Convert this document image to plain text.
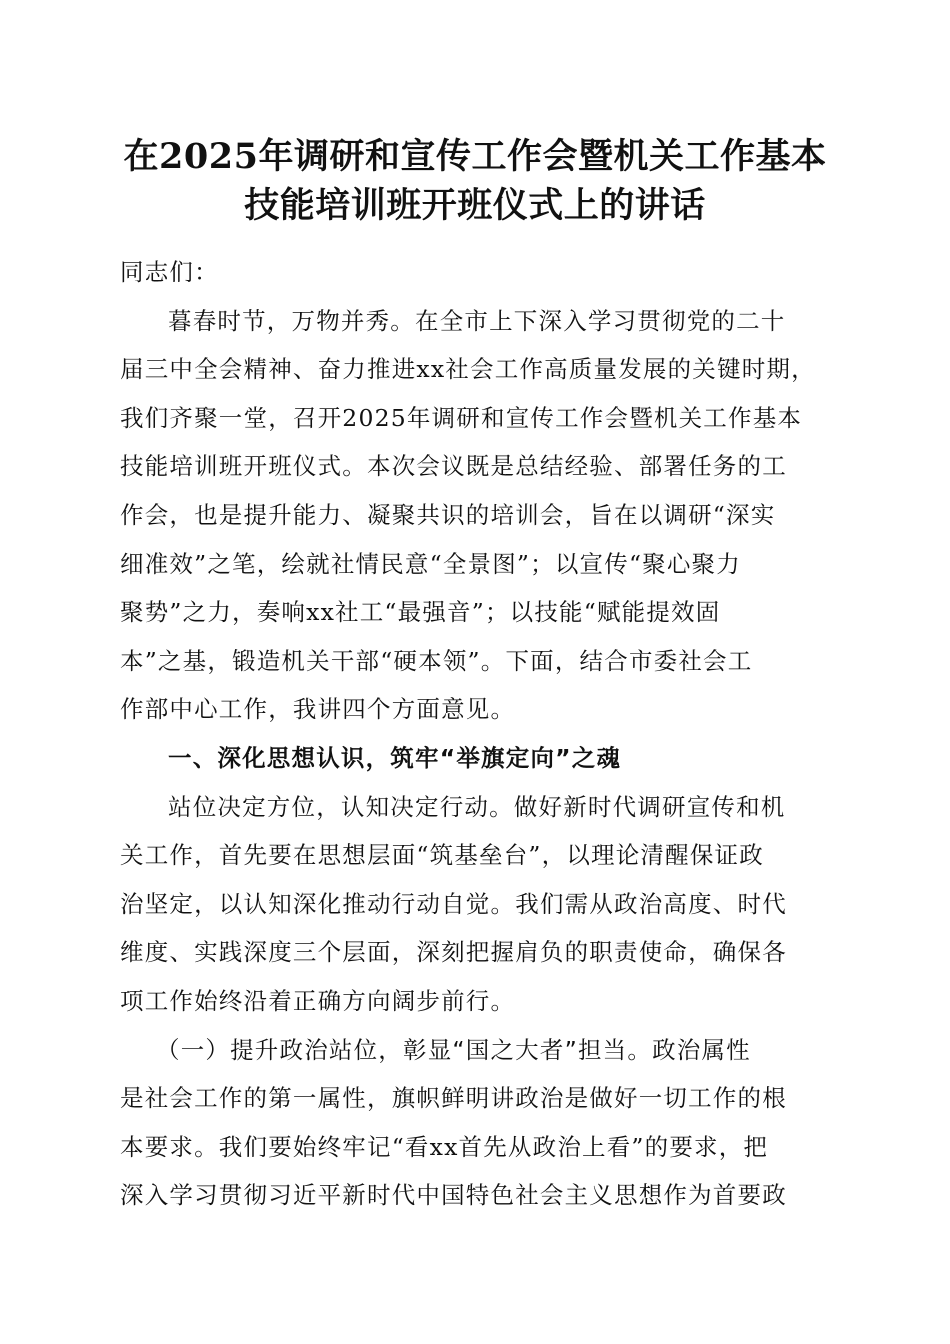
在2025年调研和宣传工作会暨机关工作基本
技能培训班开班仪式上的讲话
同志们：
暮春时节，万物并秀。在全市上下深入学习贯彻党的二十
届三中全会精神、奋力推进xx社会工作高质量发展的关键时期，
我们齐聚一堂，召开2025年调研和宣传工作会暨机关工作基本
技能培训班开班仪式。本次会议既是总结经验、部署任务的工
作会，也是提升能力、凝聚共识的培训会，旨在以调研“深实
细准效”之笔，绘就社情民意“全景图”；以宣传“聚心聚力
聚势”之力，奏响xx社工“最强音”；以技能“赋能提效固
本”之基，锻造机关干部“硬本领”。下面，结合市委社会工
作部中心工作，我讲四个方面意见。
一、深化思想认识，筑牢“举旗定向”之魂
站位决定方位，认知决定行动。做好新时代调研宣传和机
关工作，首先要在思想层面“筑基垒台”，以理论清醒保证政
治坚定，以认知深化推动行动自觉。我们需从政治高度、时代
维度、实践深度三个层面，深刻把握肩负的职责使命，确保各
项工作始终沿着正确方向阔步前行。
（一）提升政治站位，彰显“国之大者”担当。政治属性
是社会工作的第一属性，旗帜鲜明讲政治是做好一切工作的根
本要求。我们要始终牢记“看xx首先从政治上看”的要求，把
深入学习贯彻习近平新时代中国特色社会主义思想作为首要政
